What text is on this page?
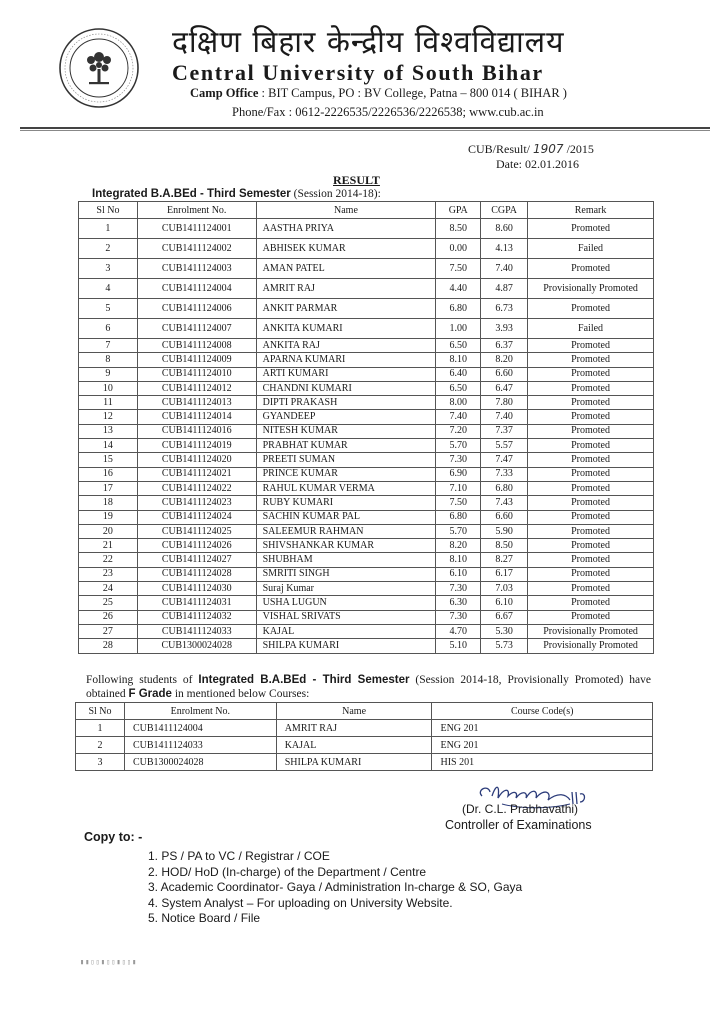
दक्षिण बिहार केन्द्रीय विश्वविद्यालय
Central University of South Bihar
Camp Office : BIT Campus, PO : BV College, Patna – 800 014 ( BIHAR )
Phone/Fax : 0612-2226535/2226536/2226538; www.cub.ac.in
CUB/Result/ 1907 /2015
Date: 02.01.2016
RESULT
Integrated B.A.BEd - Third Semester (Session 2014-18):
Sl No	Enrolment No.	Name	GPA	CGPA	Remark
1	CUB1411124001	AASTHA PRIYA	8.50	8.60	Promoted
2	CUB1411124002	ABHISEK KUMAR	0.00	4.13	Failed
3	CUB1411124003	AMAN PATEL	7.50	7.40	Promoted
4	CUB1411124004	AMRIT RAJ	4.40	4.87	Provisionally Promoted
5	CUB1411124006	ANKIT PARMAR	6.80	6.73	Promoted
6	CUB1411124007	ANKITA KUMARI	1.00	3.93	Failed
7	CUB1411124008	ANKITA RAJ	6.50	6.37	Promoted
8	CUB1411124009	APARNA KUMARI	8.10	8.20	Promoted
9	CUB1411124010	ARTI KUMARI	6.40	6.60	Promoted
10	CUB1411124012	CHANDNI KUMARI	6.50	6.47	Promoted
11	CUB1411124013	DIPTI PRAKASH	8.00	7.80	Promoted
12	CUB1411124014	GYANDEEP	7.40	7.40	Promoted
13	CUB1411124016	NITESH KUMAR	7.20	7.37	Promoted
14	CUB1411124019	PRABHAT KUMAR	5.70	5.57	Promoted
15	CUB1411124020	PREETI SUMAN	7.30	7.47	Promoted
16	CUB1411124021	PRINCE KUMAR	6.90	7.33	Promoted
17	CUB1411124022	RAHUL KUMAR VERMA	7.10	6.80	Promoted
18	CUB1411124023	RUBY KUMARI	7.50	7.43	Promoted
19	CUB1411124024	SACHIN KUMAR PAL	6.80	6.60	Promoted
20	CUB1411124025	SALEEMUR RAHMAN	5.70	5.90	Promoted
21	CUB1411124026	SHIVSHANKAR KUMAR	8.20	8.50	Promoted
22	CUB1411124027	SHUBHAM	8.10	8.27	Promoted
23	CUB1411124028	SMRITI SINGH	6.10	6.17	Promoted
24	CUB1411124030	Suraj Kumar	7.30	7.03	Promoted
25	CUB1411124031	USHA LUGUN	6.30	6.10	Promoted
26	CUB1411124032	VISHAL SRIVATS	7.30	6.67	Promoted
27	CUB1411124033	KAJAL	4.70	5.30	Provisionally Promoted
28	CUB1300024028	SHILPA KUMARI	5.10	5.73	Provisionally Promoted
Following students of Integrated B.A.BEd - Third Semester (Session 2014-18, Provisionally Promoted) have obtained F Grade in mentioned below Courses:
Sl No	Enrolment No.	Name	Course Code(s)
1	CUB1411124004	AMRIT RAJ	ENG 201
2	CUB1411124033	KAJAL	ENG 201
3	CUB1300024028	SHILPA KUMARI	HIS 201
(Dr. C.L. Prabhavathi)
Controller of Examinations
Copy to: -
1. PS / PA to VC / Registrar / COE
2. HOD/ HoD (In-charge) of the Department / Centre
3. Academic Coordinator- Gaya / Administration In-charge & SO, Gaya
4. System Analyst – For uploading on University Website.
5. Notice Board / File
▮▮▯▯▮▯▯▮▯▯▮
